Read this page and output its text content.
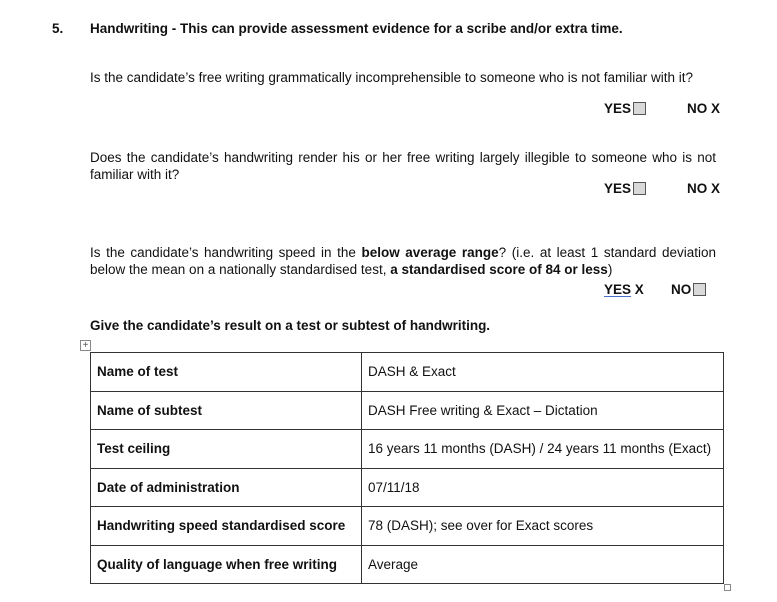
5. Handwriting - This can provide assessment evidence for a scribe and/or extra time.
Is the candidate’s free writing grammatically incomprehensible to someone who is not familiar with it?
YES	NO X
Does the candidate’s handwriting render his or her free writing largely illegible to someone who is not familiar with it?
YES	NO X
Is the candidate’s handwriting speed in the below average range? (i.e. at least 1 standard deviation below the mean on a nationally standardised test, a standardised score of 84 or less)
YES X NO
Give the candidate’s result on a test or subtest of handwriting.
+
Name of test	DASH & Exact
Name of subtest	DASH Free writing & Exact – Dictation
Test ceiling	16 years 11 months (DASH) / 24 years 11 months (Exact)
Date of administration	07/11/18
Handwriting speed standardised score	78 (DASH); see over for Exact scores
Quality of language when free writing	Average
